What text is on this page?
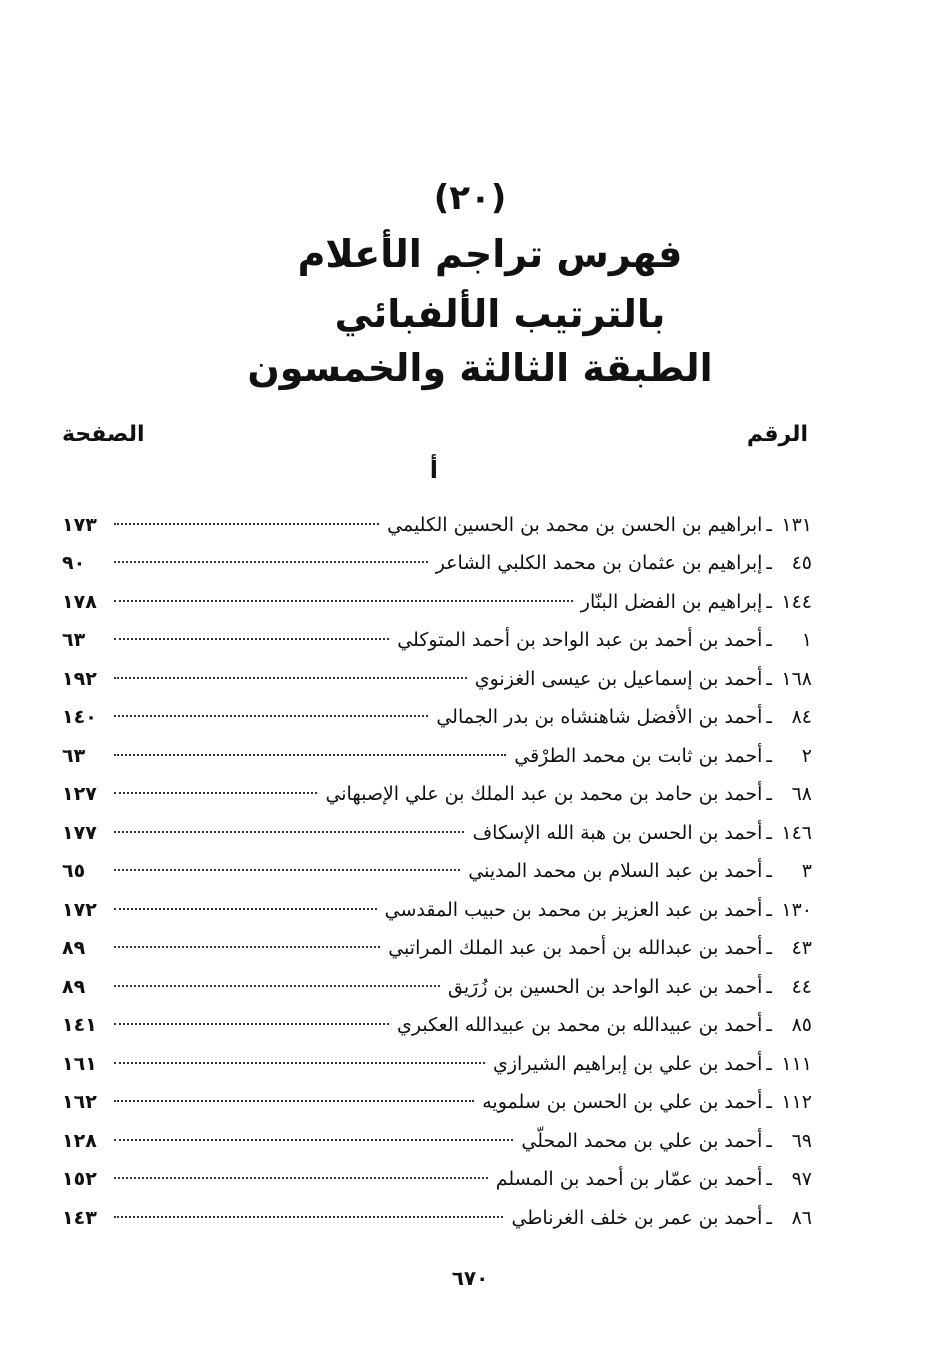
(٢٠)
فهرس تراجم الأعلام
بالترتيب الألفبائي
الطبقة الثالثة والخمسون
الرقم
الصفحة
أ
١٣١
ـ
ابراهيم بن الحسن بن محمد بن الحسين الكليمي
١٧٣
٤٥
ـ
إبراهيم بن عثمان بن محمد الكلبي الشاعر
٩٠
١٤٤
ـ
إبراهيم بن الفضل البنّار
١٧٨
١
ـ
أحمد بن أحمد بن عبد الواحد بن أحمد المتوكلي
٦٣
١٦٨
ـ
أحمد بن إسماعيل بن عيسى الغزنوي
١٩٢
٨٤
ـ
أحمد بن الأفضل شاهنشاه بن بدر الجمالي
١٤٠
٢
ـ
أحمد بن ثابت بن محمد الطرْقي
٦٣
٦٨
ـ
أحمد بن حامد بن محمد بن عبد الملك بن علي الإصبهاني
١٢٧
١٤٦
ـ
أحمد بن الحسن بن هبة الله الإسكاف
١٧٧
٣
ـ
أحمد بن عبد السلام بن محمد المديني
٦٥
١٣٠
ـ
أحمد بن عبد العزيز بن محمد بن حبيب المقدسي
١٧٢
٤٣
ـ
أحمد بن عبدالله بن أحمد بن عبد الملك المراتبي
٨٩
٤٤
ـ
أحمد بن عبد الواحد بن الحسين بن زُرَيق
٨٩
٨٥
ـ
أحمد بن عبيدالله بن محمد بن عبيدالله العكبري
١٤١
١١١
ـ
أحمد بن علي بن إبراهيم الشيرازي
١٦١
١١٢
ـ
أحمد بن علي بن الحسن بن سلمويه
١٦٢
٦٩
ـ
أحمد بن علي بن محمد المحلّي
١٢٨
٩٧
ـ
أحمد بن عمّار بن أحمد بن المسلم
١٥٢
٨٦
ـ
أحمد بن عمر بن خلف الغرناطي
١٤٣
٦٧٠
